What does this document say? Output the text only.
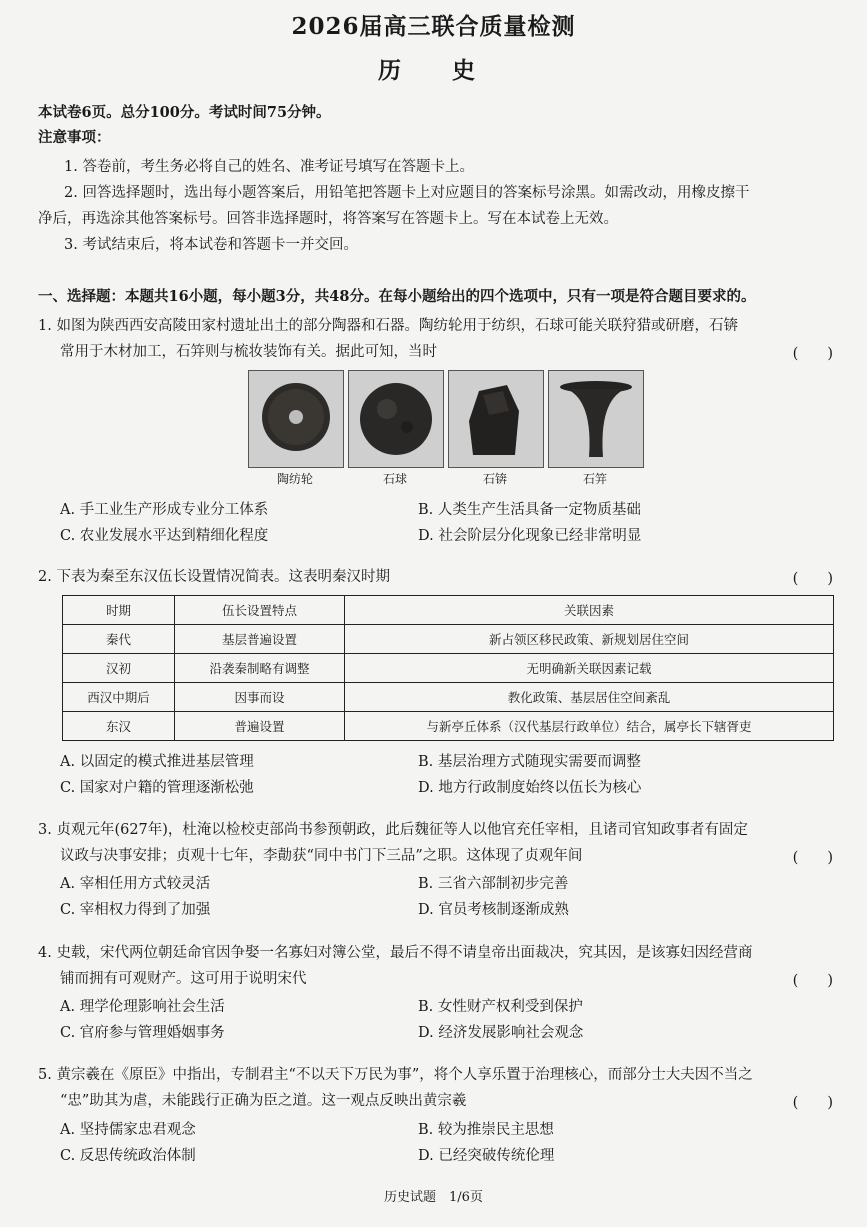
2026届高三联合质量检测
历　史
本试卷6页。总分100分。考试时间75分钟。
注意事项：
1. 答卷前，考生务必将自己的姓名、准考证号填写在答题卡上。
2. 回答选择题时，选出每小题答案后，用铅笔把答题卡上对应题目的答案标号涂黑。如需改动，用橡皮擦干
净后，再选涂其他答案标号。回答非选择题时，将答案写在答题卡上。写在本试卷上无效。
3. 考试结束后，将本试卷和答题卡一并交回。
一、选择题：本题共16小题，每小题3分，共48分。在每小题给出的四个选项中，只有一项是符合题目要求的。
1. 如图为陕西西安高陵田家村遗址出土的部分陶器和石器。陶纺轮用于纺织，石球可能关联狩猎或研磨，石锛
常用于木材加工，石笄则与梳妆装饰有关。据此可知，当时	(　　)
陶纺轮	石球	石锛	石笄
A. 手工业生产形成专业分工体系	B. 人类生产生活具备一定物质基础
C. 农业发展水平达到精细化程度	D. 社会阶层分化现象已经非常明显
2. 下表为秦至东汉伍长设置情况简表。这表明秦汉时期	(　　)
时期	伍长设置特点	关联因素
秦代	基层普遍设置	新占领区移民政策、新规划居住空间
汉初	沿袭秦制略有调整	无明确新关联因素记载
西汉中期后	因事而设	教化政策、基层居住空间紊乱
东汉	普遍设置	与新亭丘体系（汉代基层行政单位）结合，属亭长下辖胥吏
A. 以固定的模式推进基层管理	B. 基层治理方式随现实需要而调整
C. 国家对户籍的管理逐渐松弛	D. 地方行政制度始终以伍长为核心
3. 贞观元年(627年)，杜淹以检校吏部尚书参预朝政，此后魏征等人以他官充任宰相，且诸司官知政事者有固定
议政与决事安排；贞观十七年，李勣获“同中书门下三品”之职。这体现了贞观年间	(　　)
A. 宰相任用方式较灵活	B. 三省六部制初步完善
C. 宰相权力得到了加强	D. 官员考核制逐渐成熟
4. 史载，宋代两位朝廷命官因争娶一名寡妇对簿公堂，最后不得不请皇帝出面裁决，究其因，是该寡妇因经营商
铺而拥有可观财产。这可用于说明宋代	(　　)
A. 理学伦理影响社会生活	B. 女性财产权利受到保护
C. 官府参与管理婚姻事务	D. 经济发展影响社会观念
5. 黄宗羲在《原臣》中指出，专制君主“不以天下万民为事”，将个人享乐置于治理核心，而部分士大夫因不当之
“忠”助其为虐，未能践行正确为臣之道。这一观点反映出黄宗羲	(　　)
A. 坚持儒家忠君观念	B. 较为推崇民主思想
C. 反思传统政治体制	D. 已经突破传统伦理
历史试题　1/6页
